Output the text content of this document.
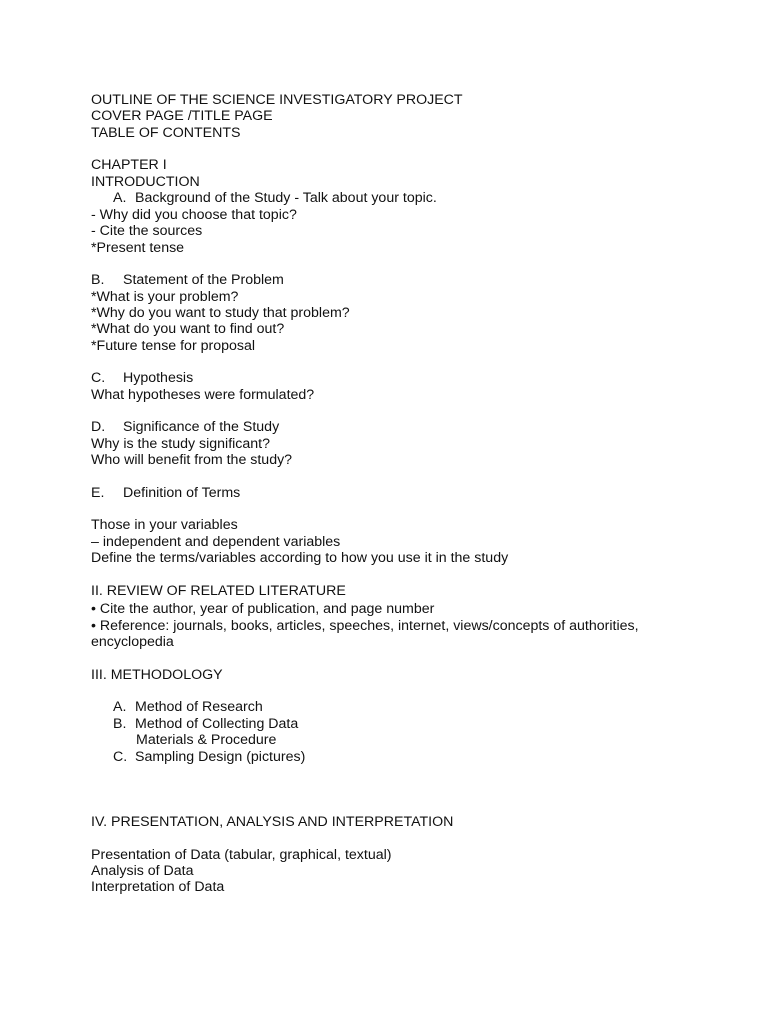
OUTLINE OF THE SCIENCE INVESTIGATORY PROJECT

COVER PAGE /TITLE PAGE

TABLE OF CONTENTS

CHAPTER I

INTRODUCTION

A. Background of the Study - Talk about your topic.

- Why did you choose that topic?

- Cite the sources

*Present tense

B. Statement of the Problem

*What is your problem?

*Why do you want to study that problem?

*What do you want to find out?

*Future tense for proposal

C. Hypothesis

What hypotheses were formulated?

D. Significance of the Study

Why is the study significant?

Who will benefit from the study?

E. Definition of Terms

Those in your variables

– independent and dependent variables

Define the terms/variables according to how you use it in the study

II. REVIEW OF RELATED LITERATURE

• Cite the author, year of publication, and page number

• Reference: journals, books, articles, speeches, internet, views/concepts of authorities,

encyclopedia

III. METHODOLOGY

A. Method of Research

B. Method of Collecting Data

Materials & Procedure

C. Sampling Design (pictures)

IV. PRESENTATION, ANALYSIS AND INTERPRETATION

Presentation of Data (tabular, graphical, textual)

Analysis of Data

Interpretation of Data
